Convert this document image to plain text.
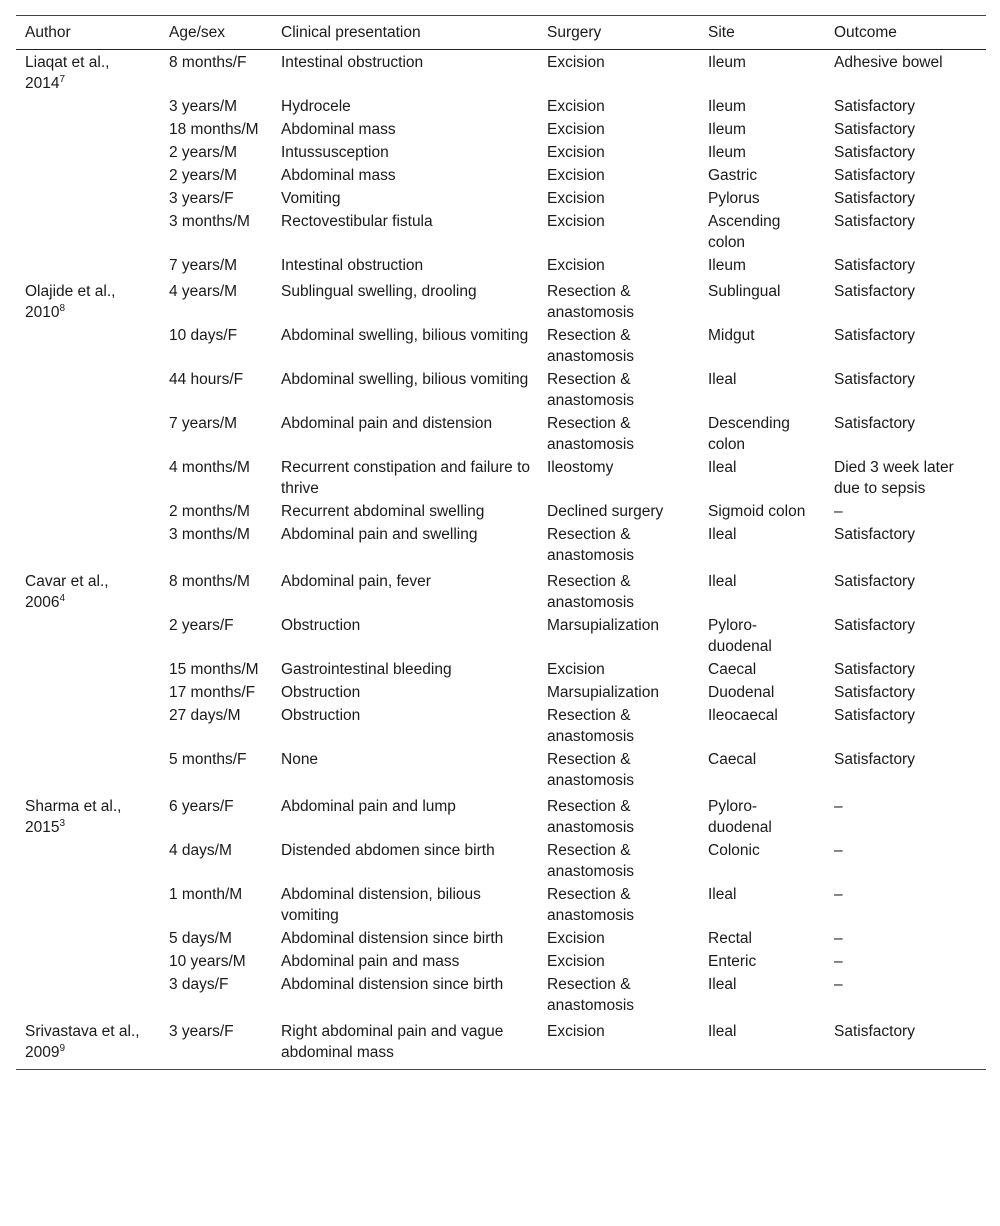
Author	Age/sex	Clinical presentation	Surgery	Site	Outcome
Liaqat et al., 2014$^7$	8 months/F	Intestinal obstruction	Excision	Ileum	Adhesive bowel
	3 years/M	Hydrocele	Excision	Ileum	Satisfactory
	18 months/M	Abdominal mass	Excision	Ileum	Satisfactory
	2 years/M	Intussusception	Excision	Ileum	Satisfactory
	2 years/M	Abdominal mass	Excision	Gastric	Satisfactory
	3 years/F	Vomiting	Excision	Pylorus	Satisfactory
	3 months/M	Rectovestibular fistula	Excision	Ascending colon	Satisfactory
	7 years/M	Intestinal obstruction	Excision	Ileum	Satisfactory
Olajide et al., 2010$^8$	4 years/M	Sublingual swelling, drooling	Resection & anastomosis	Sublingual	Satisfactory
	10 days/F	Abdominal swelling, bilious vomiting	Resection & anastomosis	Midgut	Satisfactory
	44 hours/F	Abdominal swelling, bilious vomiting	Resection & anastomosis	Ileal	Satisfactory
	7 years/M	Abdominal pain and distension	Resection & anastomosis	Descending colon	Satisfactory
	4 months/M	Recurrent constipation and failure to thrive	Ileostomy	Ileal	Died 3 week later due to sepsis
	2 months/M	Recurrent abdominal swelling	Declined surgery	Sigmoid colon	–
	3 months/M	Abdominal pain and swelling	Resection & anastomosis	Ileal	Satisfactory
Cavar et al., 2006$^4$	8 months/M	Abdominal pain, fever	Resection & anastomosis	Ileal	Satisfactory
	2 years/F	Obstruction	Marsupialization	Pyloro-duodenal	Satisfactory
	15 months/M	Gastrointestinal bleeding	Excision	Caecal	Satisfactory
	17 months/F	Obstruction	Marsupialization	Duodenal	Satisfactory
	27 days/M	Obstruction	Resection & anastomosis	Ileocaecal	Satisfactory
	5 months/F	None	Resection & anastomosis	Caecal	Satisfactory
Sharma et al., 2015$^3$	6 years/F	Abdominal pain and lump	Resection & anastomosis	Pyloro-duodenal	–
	4 days/M	Distended abdomen since birth	Resection & anastomosis	Colonic	–
	1 month/M	Abdominal distension, bilious vomiting	Resection & anastomosis	Ileal	–
	5 days/M	Abdominal distension since birth	Excision	Rectal	–
	10 years/M	Abdominal pain and mass	Excision	Enteric	–
	3 days/F	Abdominal distension since birth	Resection & anastomosis	Ileal	–
Srivastava et al., 2009$^9$	3 years/F	Right abdominal pain and vague abdominal mass	Excision	Ileal	Satisfactory
